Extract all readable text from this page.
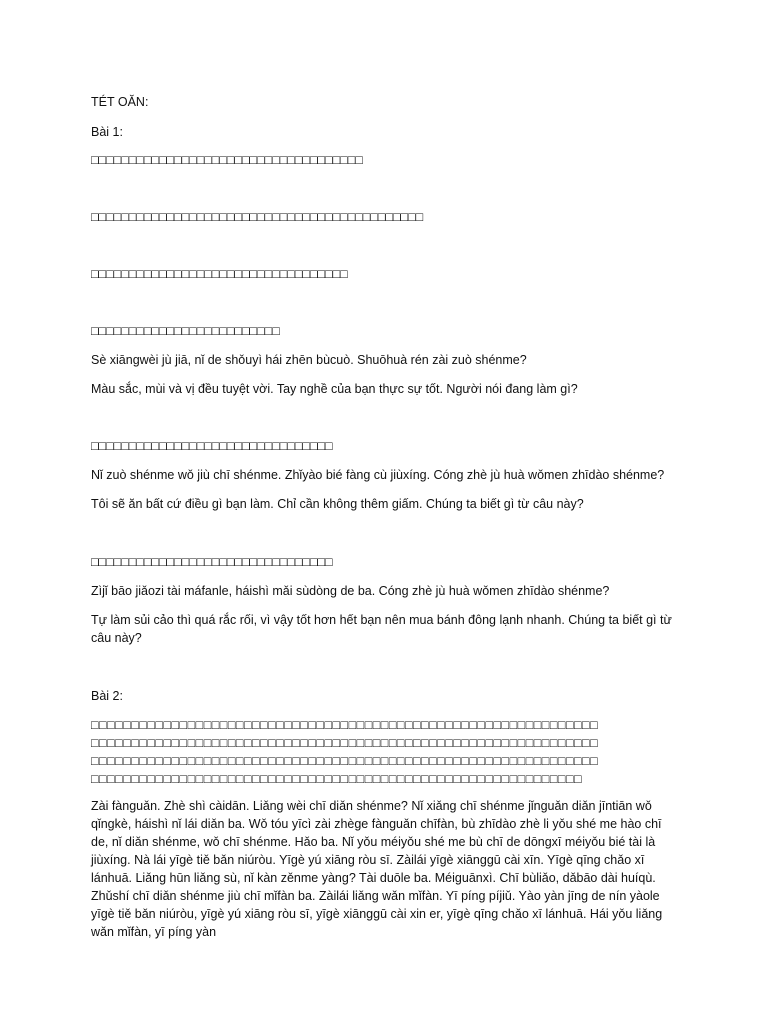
TÉT OĂN:
Bài 1:
□□□□□□□□□□□□□□□□□□□□□□□□□□□□□□□□□□□□
□□□□□□□□□□□□□□□□□□□□□□□□□□□□□□□□□□□□□□□□□□□□
□□□□□□□□□□□□□□□□□□□□□□□□□□□□□□□□□□
□□□□□□□□□□□□□□□□□□□□□□□□□
Sè xiāngwèi jù jiā, nǐ de shǒuyì hái zhēn bùcuò. Shuōhuà rén zài zuò shénme?
Màu sắc, mùi và vị đều tuyệt vời. Tay nghề của bạn thực sự tốt. Người nói đang làm gì?
□□□□□□□□□□□□□□□□□□□□□□□□□□□□□□□□
Nǐ zuò shénme wǒ jiù chī shénme. Zhǐyào bié fàng cù jiùxíng. Cóng zhè jù huà wǒmen zhīdào shénme?
Tôi sẽ ăn bất cứ điều gì bạn làm. Chỉ cần không thêm giấm. Chúng ta biết gì từ câu này?
□□□□□□□□□□□□□□□□□□□□□□□□□□□□□□□□
Zìjǐ bāo jiǎozi tài máfanle, háishì mǎi sùdòng de ba. Cóng zhè jù huà wǒmen zhīdào shénme?
Tự làm sủi cảo thì quá rắc rối, vì vậy tốt hơn hết bạn nên mua bánh đông lạnh nhanh. Chúng ta biết gì từ câu này?
Bài 2:
□□□□□□□□□□□□□□□□□□□□□□□□□□□□□□□□□□□□□□□□□□□□□□□□□□□□□□□□□□□□□□□
□□□□□□□□□□□□□□□□□□□□□□□□□□□□□□□□□□□□□□□□□□□□□□□□□□□□□□□□□□□□□□□
□□□□□□□□□□□□□□□□□□□□□□□□□□□□□□□□□□□□□□□□□□□□□□□□□□□□□□□□□□□□□□□
□□□□□□□□□□□□□□□□□□□□□□□□□□□□□□□□□□□□□□□□□□□□□□□□□□□□□□□□□□□□□
Zài fànguǎn. Zhè shì càidān. Liǎng wèi chī diǎn shénme? Nǐ xiǎng chī shénme jǐnguǎn diǎn jīntiān wǒ qǐngkè, háishì nǐ lái diǎn ba. Wǒ tóu yīcì zài zhège fànguǎn chīfàn, bù zhīdào zhè li yǒu shé me hào chī de, nǐ diǎn shénme, wǒ chī shénme. Hǎo ba. Nǐ yǒu méiyǒu shé me bù chī de dōngxī méiyǒu bié tài là jiùxíng. Nà lái yīgè tiě bǎn niúròu. Yīgè yú xiāng ròu sī. Zàilái yīgè xiānggū cài xīn. Yīgè qīng chǎo xī lánhuā. Liǎng hūn liǎng sù, nǐ kàn zěnme yàng? Tài duōle ba. Méiguānxì. Chī bùliǎo, dǎbāo dài huíqù. Zhǔshí chī diǎn shénme jiù chī mǐfàn ba. Zàilái liǎng wǎn mǐfàn. Yī píng píjiǔ. Yào yàn jīng de nín yàole yīgè tiě bǎn niúròu, yīgè yú xiāng ròu sī, yīgè xiānggū cài xin er, yīgè qīng chǎo xī lánhuā. Hái yǒu liǎng wǎn mǐfàn, yī píng yàn
